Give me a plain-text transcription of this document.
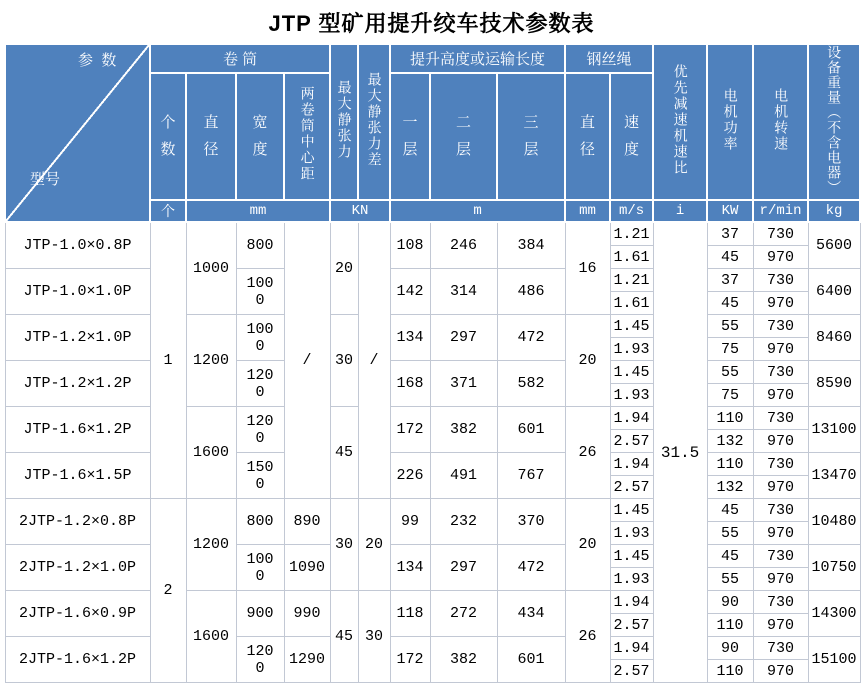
JTP 型矿用提升绞车技术参数表
参  数
型号	卷 筒				最大静张力	最大静张力差	提升高度或运输长度			钢丝绳		优先减速机速比	电机功率	电机转速	设备重量（不含电器）
	个数	直径	宽度	两卷筒中心距			一层	二层	三层	直径	速度				
	个	mm			KN		m			mm	m/s	i	KW	r/min	kg
JTP-1.0×0.8P	1	1000	800	/	20	/	108	246	384	16	1.21	31.5	37	730	5600
											1.61		45	970	
JTP-1.0×1.0P			1000				142	314	486		1.21		37	730	6400
											1.61		45	970	
JTP-1.2×1.0P		1200	1000		30		134	297	472	20	1.45		55	730	8460
											1.93		75	970	
JTP-1.2×1.2P			1200				168	371	582		1.45		55	730	8590
											1.93		75	970	
JTP-1.6×1.2P		1600	1200		45		172	382	601	26	1.94		110	730	13100
											2.57		132	970	
JTP-1.6×1.5P			1500				226	491	767		1.94		110	730	13470
											2.57		132	970	
2JTP-1.2×0.8P	2	1200	800	890	30	20	99	232	370	20	1.45		45	730	10480
											1.93		55	970	
2JTP-1.2×1.0P			1000	1090			134	297	472		1.45		45	730	10750
											1.93		55	970	
2JTP-1.6×0.9P		1600	900	990	45	30	118	272	434	26	1.94		90	730	14300
											2.57		110	970	
2JTP-1.6×1.2P			1200	1290			172	382	601		1.94		90	730	15100
											2.57		110	970	
